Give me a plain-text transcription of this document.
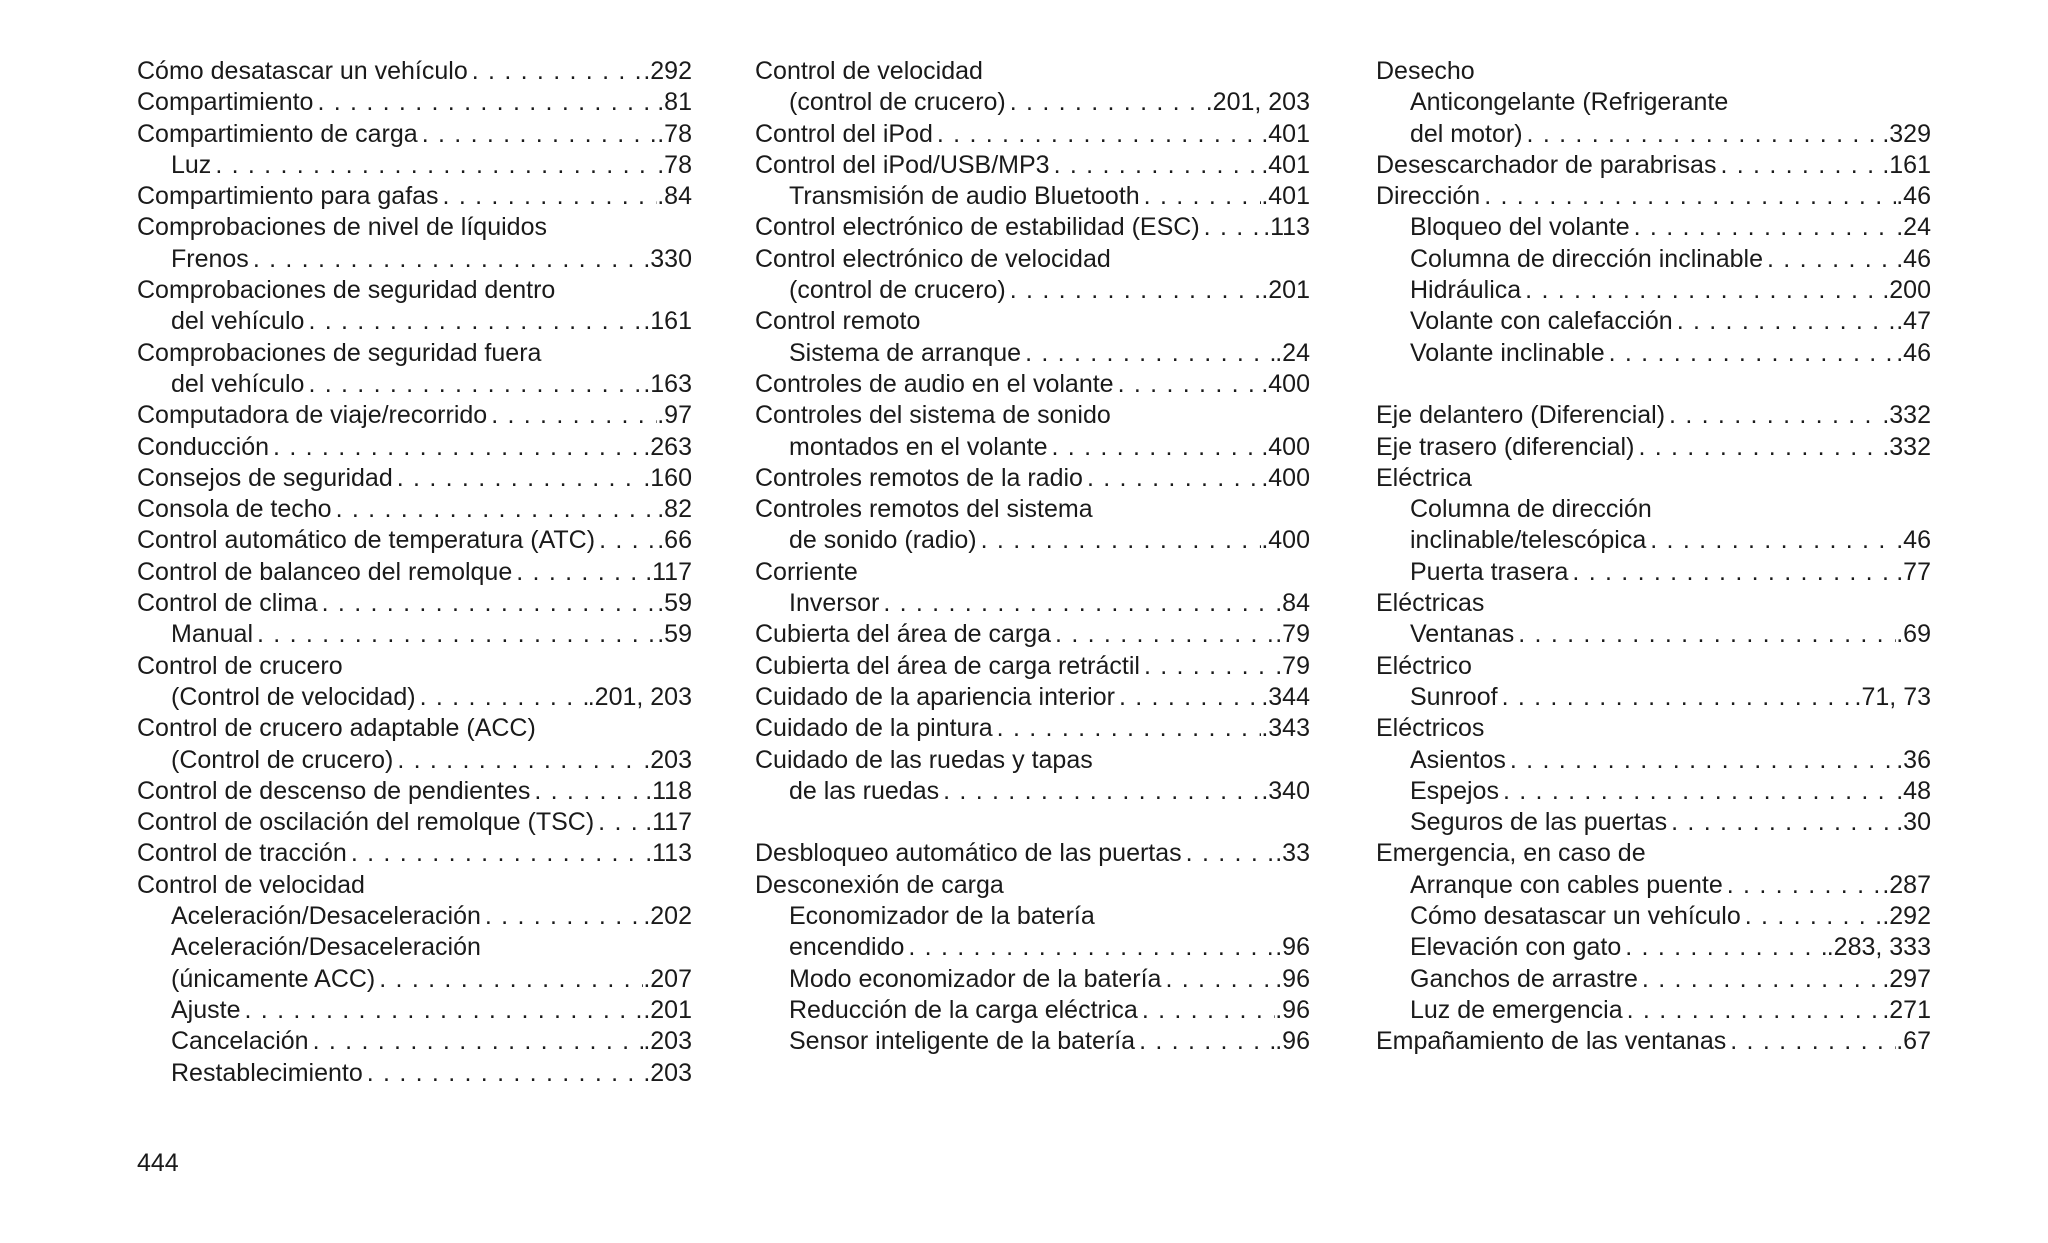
Cómo desatascar un vehículo . . .	.292
Compartimiento . . .	.81
Compartimiento de carga . . .	.78
Luz . . .	.78
Compartimiento para gafas . . .	.84
Comprobaciones de nivel de líquidos
Frenos . . .	.330
Comprobaciones de seguridad dentro
del vehículo . . .	.161
Comprobaciones de seguridad fuera
del vehículo . . .	.163
Computadora de viaje/recorrido . . .	.97
Conducción . . .	.263
Consejos de seguridad . . .	.160
Consola de techo . . .	.82
Control automático de temperatura (ATC) . . . .66
Control de balanceo del remolque . . .	.117
Control de clima . . .	.59
Manual . . .	.59
Control de crucero
(Control de velocidad) . . .	.201, 203
Control de crucero adaptable (ACC)
(Control de crucero) . . .	.203
Control de descenso de pendientes . . .	.118
Control de oscilación del remolque (TSC) . . . .117
Control de tracción . . .	.113
Control de velocidad
Aceleración/Desaceleración . . .	.202
Aceleración/Desaceleración
(únicamente ACC) . . .	.207
Ajuste . . .	.201
Cancelación . . .	.203
Restablecimiento . . .	.203
Control de velocidad
(control de crucero) . . .	.201, 203
Control del iPod . . .	.401
Control del iPod/USB/MP3 . . .	.401
Transmisión de audio Bluetooth . . .	.401
Control electrónico de estabilidad (ESC) . . .	.113
Control electrónico de velocidad
(control de crucero) . . .	.201
Control remoto
Sistema de arranque . . .	.24
Controles de audio en el volante . . .	.400
Controles del sistema de sonido
montados en el volante . . .	.400
Controles remotos de la radio . . .	.400
Controles remotos del sistema
de sonido (radio) . . .	.400
Corriente
Inversor . . .	.84
Cubierta del área de carga . . .	.79
Cubierta del área de carga retráctil . . .	.79
Cuidado de la apariencia interior . . .	.344
Cuidado de la pintura . . .	.343
Cuidado de las ruedas y tapas
de las ruedas . . .	.340
Desbloqueo automático de las puertas . . .	.33
Desconexión de carga
Economizador de la batería
encendido . . .	.96
Modo economizador de la batería . . .	.96
Reducción de la carga eléctrica . . .	.96
Sensor inteligente de la batería . . .	.96
Desecho
Anticongelante (Refrigerante
del motor) . . .	.329
Desescarchador de parabrisas . . .	.161
Dirección . . .	.46
Bloqueo del volante . . .	.24
Columna de dirección inclinable . . .	.46
Hidráulica . . .	.200
Volante con calefacción . . .	.47
Volante inclinable . . .	.46
Eje delantero (Diferencial) . . .	.332
Eje trasero (diferencial) . . .	.332
Eléctrica
Columna de dirección
inclinable/telescópica . . .	.46
Puerta trasera . . .	.77
Eléctricas
Ventanas . . .	.69
Eléctrico
Sunroof . . .	.71, 73
Eléctricos
Asientos . . .	.36
Espejos . . .	.48
Seguros de las puertas . . .	.30
Emergencia, en caso de
Arranque con cables puente . . .	.287
Cómo desatascar un vehículo . . .	.292
Elevación con gato . . .	.283, 333
Ganchos de arrastre . . .	.297
Luz de emergencia . . .	.271
Empañamiento de las ventanas . . .	.67
444
